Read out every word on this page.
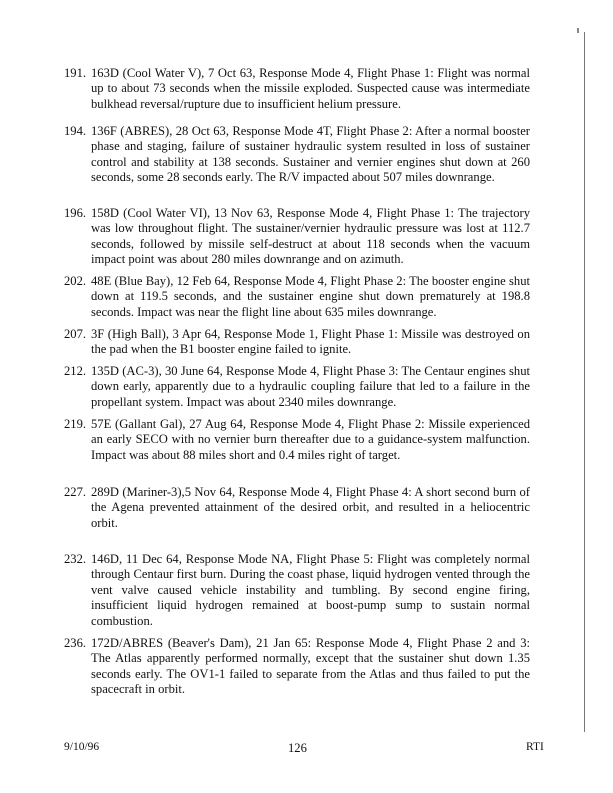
191. 163D (Cool Water V), 7 Oct 63, Response Mode 4, Flight Phase 1: Flight was normal up to about 73 seconds when the missile exploded. Suspected cause was intermediate bulkhead reversal/rupture due to insufficient helium pressure.
194. 136F (ABRES), 28 Oct 63, Response Mode 4T, Flight Phase 2: After a normal booster phase and staging, failure of sustainer hydraulic system resulted in loss of sustainer control and stability at 138 seconds. Sustainer and vernier engines shut down at 260 seconds, some 28 seconds early. The R/V impacted about 507 miles downrange.
196. 158D (Cool Water VI), 13 Nov 63, Response Mode 4, Flight Phase 1: The trajectory was low throughout flight. The sustainer/vernier hydraulic pressure was lost at 112.7 seconds, followed by missile self-destruct at about 118 seconds when the vacuum impact point was about 280 miles downrange and on azimuth.
202. 48E (Blue Bay), 12 Feb 64, Response Mode 4, Flight Phase 2: The booster engine shut down at 119.5 seconds, and the sustainer engine shut down prematurely at 198.8 seconds. Impact was near the flight line about 635 miles downrange.
207. 3F (High Ball), 3 Apr 64, Response Mode 1, Flight Phase 1: Missile was destroyed on the pad when the B1 booster engine failed to ignite.
212. 135D (AC-3), 30 June 64, Response Mode 4, Flight Phase 3: The Centaur engines shut down early, apparently due to a hydraulic coupling failure that led to a failure in the propellant system. Impact was about 2340 miles downrange.
219. 57E (Gallant Gal), 27 Aug 64, Response Mode 4, Flight Phase 2: Missile experienced an early SECO with no vernier burn thereafter due to a guidance-system malfunction. Impact was about 88 miles short and 0.4 miles right of target.
227. 289D (Mariner-3),5 Nov 64, Response Mode 4, Flight Phase 4: A short second burn of the Agena prevented attainment of the desired orbit, and resulted in a heliocentric orbit.
232. 146D, 11 Dec 64, Response Mode NA, Flight Phase 5: Flight was completely normal through Centaur first burn. During the coast phase, liquid hydrogen vented through the vent valve caused vehicle instability and tumbling. By second engine firing, insufficient liquid hydrogen remained at boost-pump sump to sustain normal combustion.
236. 172D/ABRES (Beaver's Dam), 21 Jan 65: Response Mode 4, Flight Phase 2 and 3: The Atlas apparently performed normally, except that the sustainer shut down 1.35 seconds early. The OV1-1 failed to separate from the Atlas and thus failed to put the spacecraft in orbit.
9/10/96	126	RTI
